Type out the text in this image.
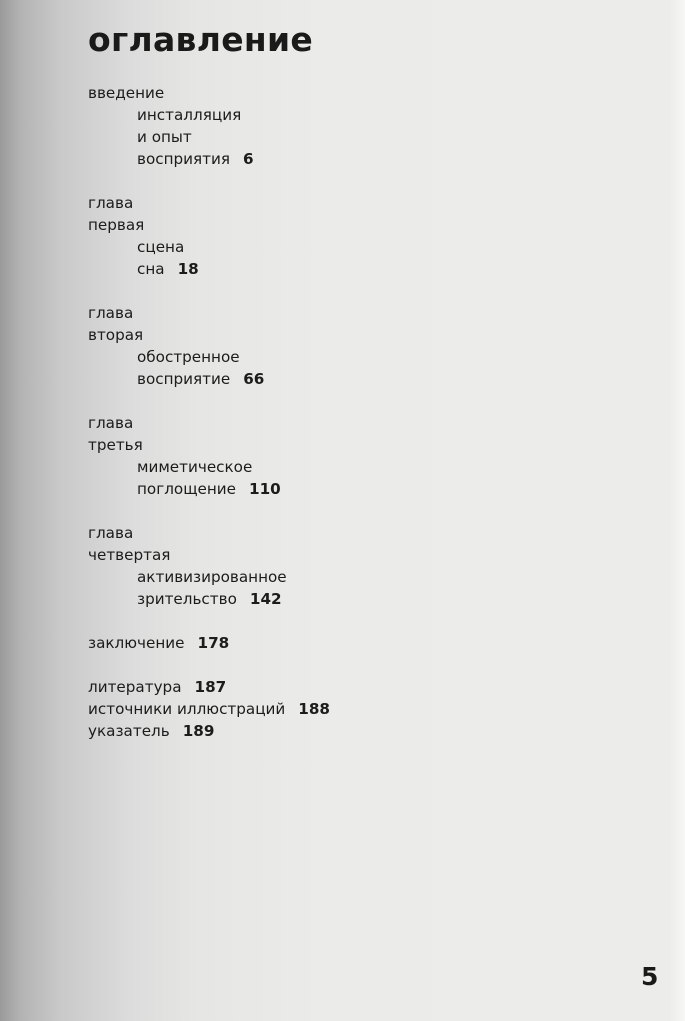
оглавление
введение
инсталляция
и опыт
восприятия 6
глава
первая
сцена
сна 18
глава
вторая
обостренное
восприятие 66
глава
третья
миметическое
поглощение 110
глава
четвертая
активизированное
зрительство 142
заключение 178
литература 187
источники иллюстраций 188
указатель 189
5
